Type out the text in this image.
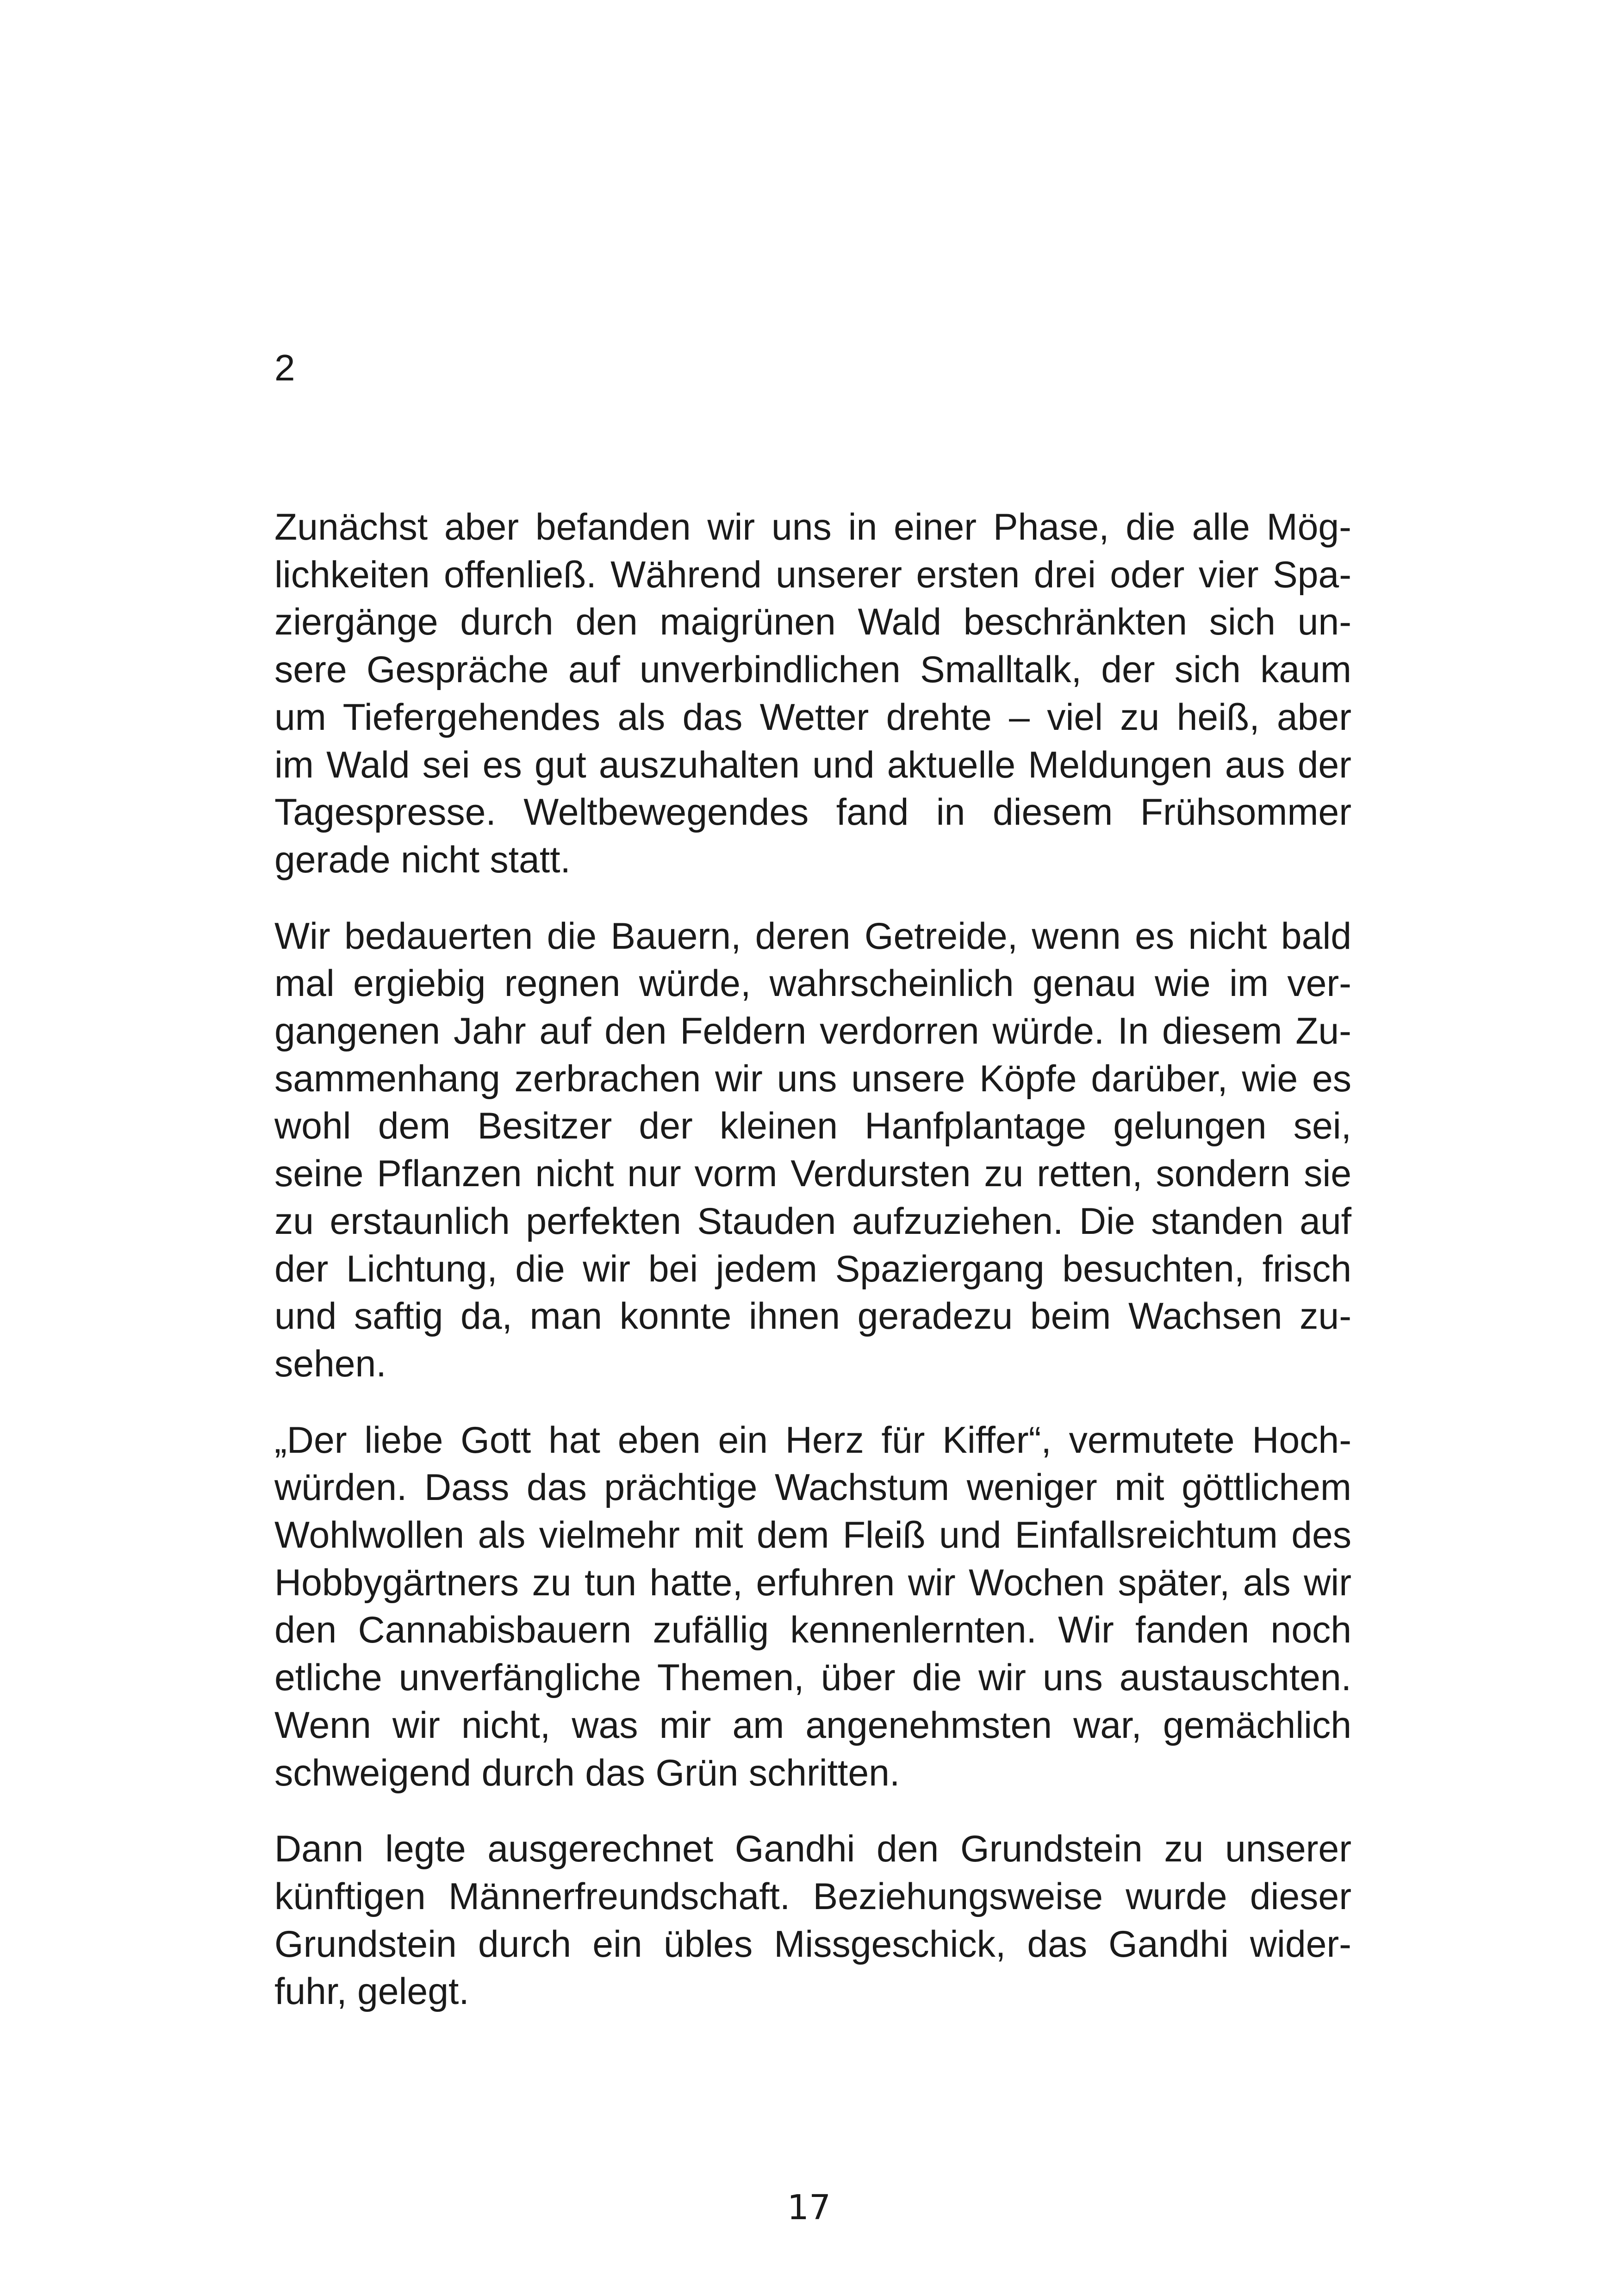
2

Zunächst aber befanden wir uns in einer Phase, die alle Mög-
lichkeiten offenließ. Während unserer ersten drei oder vier Spa-
ziergänge durch den maigrünen Wald beschränkten sich un-
sere Gespräche auf unverbindlichen Smalltalk, der sich kaum
um Tiefergehendes als das Wetter drehte – viel zu heiß, aber
im Wald sei es gut auszuhalten und aktuelle Meldungen aus der
Tagespresse. Weltbewegendes fand in diesem Frühsommer
gerade nicht statt.

Wir bedauerten die Bauern, deren Getreide, wenn es nicht bald
mal ergiebig regnen würde, wahrscheinlich genau wie im ver-
gangenen Jahr auf den Feldern verdorren würde. In diesem Zu-
sammenhang zerbrachen wir uns unsere Köpfe darüber, wie es
wohl dem Besitzer der kleinen Hanfplantage gelungen sei,
seine Pflanzen nicht nur vorm Verdursten zu retten, sondern sie
zu erstaunlich perfekten Stauden aufzuziehen. Die standen auf
der Lichtung, die wir bei jedem Spaziergang besuchten, frisch
und saftig da, man konnte ihnen geradezu beim Wachsen zu-
sehen.

„Der liebe Gott hat eben ein Herz für Kiffer“, vermutete Hoch-
würden. Dass das prächtige Wachstum weniger mit göttlichem
Wohlwollen als vielmehr mit dem Fleiß und Einfallsreichtum des
Hobbygärtners zu tun hatte, erfuhren wir Wochen später, als wir
den Cannabisbauern zufällig kennenlernten. Wir fanden noch
etliche unverfängliche Themen, über die wir uns austauschten.
Wenn wir nicht, was mir am angenehmsten war, gemächlich
schweigend durch das Grün schritten.

Dann legte ausgerechnet Gandhi den Grundstein zu unserer
künftigen Männerfreundschaft. Beziehungsweise wurde dieser
Grundstein durch ein übles Missgeschick, das Gandhi wider-
fuhr, gelegt.

17
